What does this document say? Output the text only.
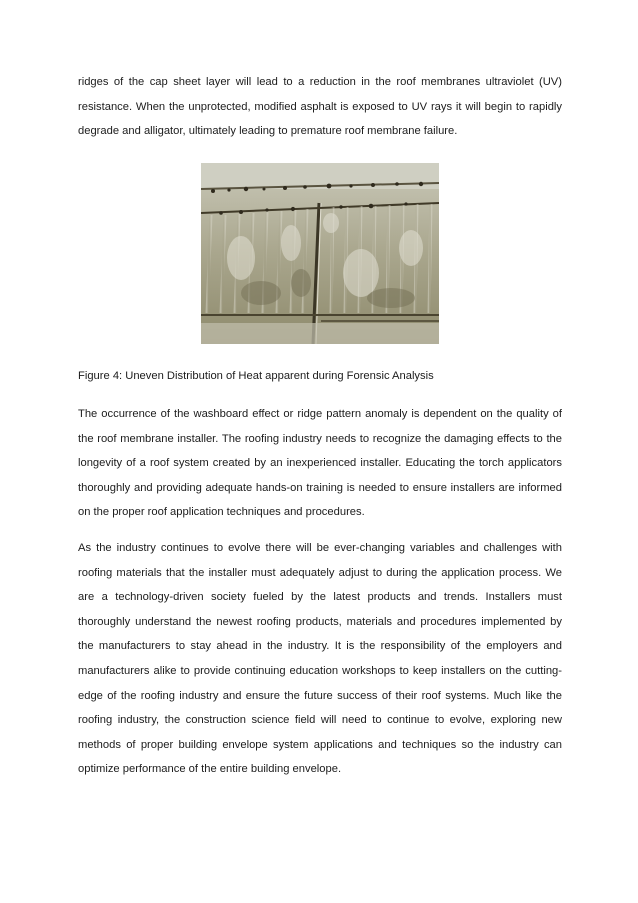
ridges of the cap sheet layer will lead to a reduction in the roof membranes ultraviolet (UV) resistance. When the unprotected, modified asphalt is exposed to UV rays it will begin to rapidly degrade and alligator, ultimately leading to premature roof membrane failure.

Figure 4: Uneven Distribution of Heat apparent during Forensic Analysis

The occurrence of the washboard effect or ridge pattern anomaly is dependent on the quality of the roof membrane installer. The roofing industry needs to recognize the damaging effects to the longevity of a roof system created by an inexperienced installer. Educating the torch applicators thoroughly and providing adequate hands-on training is needed to ensure installers are informed on the proper roof application techniques and procedures.

As the industry continues to evolve there will be ever-changing variables and challenges with roofing materials that the installer must adequately adjust to during the application process. We are a technology-driven society fueled by the latest products and trends. Installers must thoroughly understand the newest roofing products, materials and procedures implemented by the manufacturers to stay ahead in the industry. It is the responsibility of the employers and manufacturers alike to provide continuing education workshops to keep installers on the cutting-edge of the roofing industry and ensure the future success of their roof systems. Much like the roofing industry, the construction science field will need to continue to evolve, exploring new methods of proper building envelope system applications and techniques so the industry can optimize performance of the entire building envelope.
